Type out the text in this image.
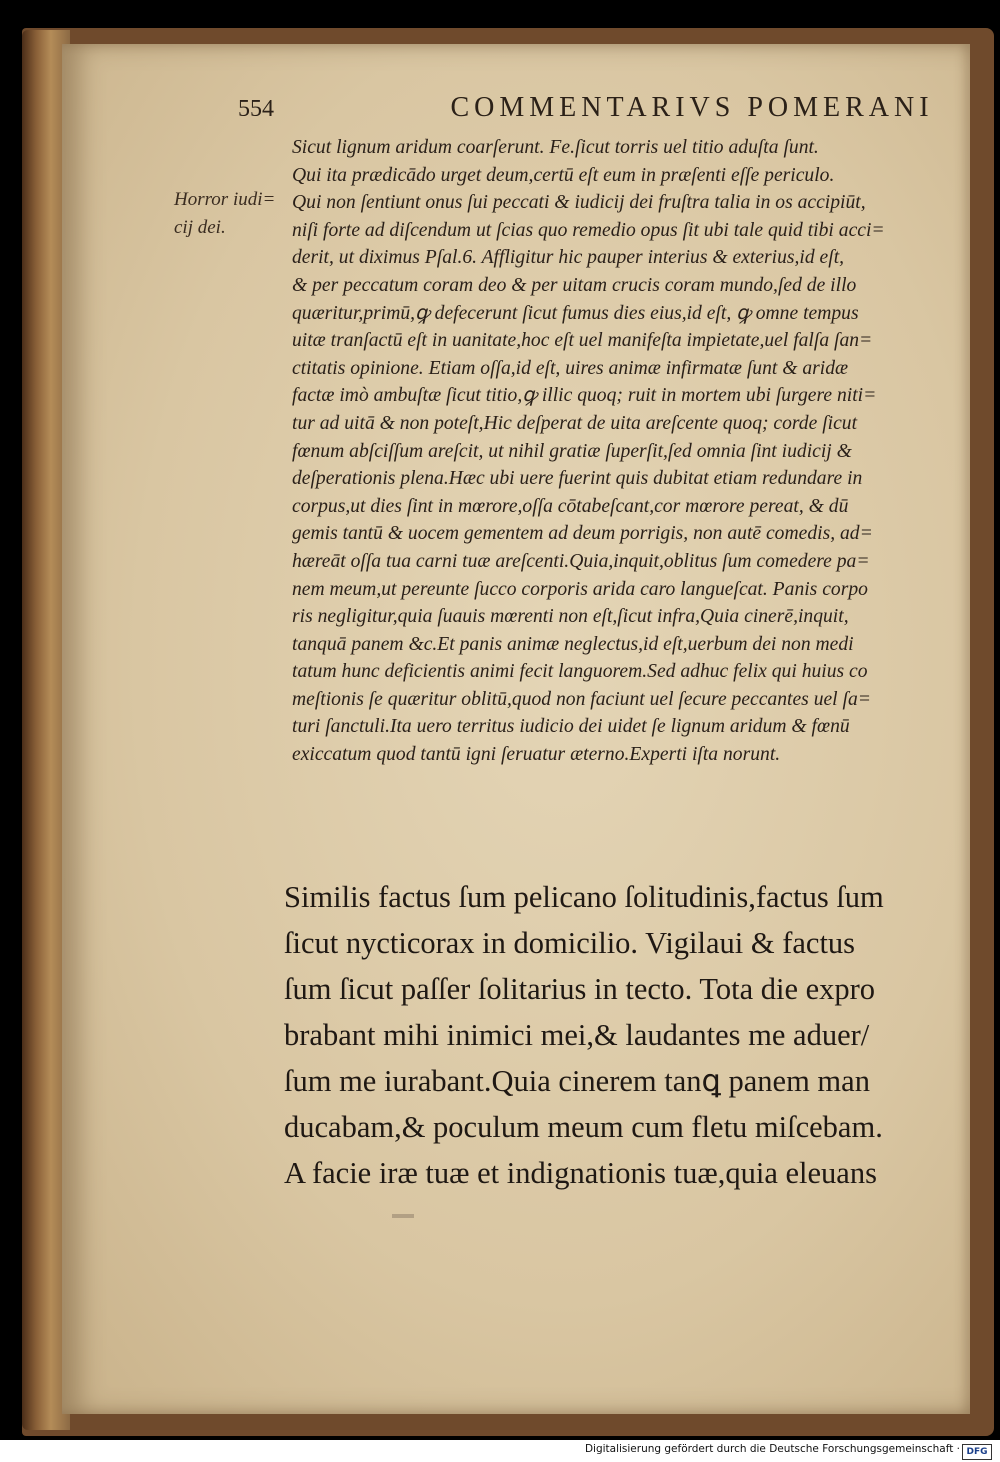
554	COMMENTARIVS POMERANI
Horror iudi=
cij dei.
Sicut lignum aridum coarſerunt. Fe.ſicut torris uel titio aduſta ſunt.
Qui ita prædicādo urget deum,certū eſt eum in præſenti eſſe periculo.
Qui non ſentiunt onus ſui peccati & iudicij dei fruſtra talia in os accipiūt,
niſi forte ad diſcendum ut ſcias quo remedio opus ſit ubi tale quid tibi acci=
derit, ut diximus Pſal.6. Affligitur hic pauper interius & exterius,id eſt,
& per peccatum coram deo & per uitam crucis coram mundo,ſed de illo
quæritur,primū,ꝙ defecerunt ſicut fumus dies eius,id eſt, ꝙ omne tempus
uitæ tranſactū eſt in uanitate,hoc eſt uel manifeſta impietate,uel falſa ſan=
ctitatis opinione. Etiam oſſa,id eſt, uires animæ infirmatæ ſunt & aridæ
factæ imò ambuſtæ ſicut titio,ꝙ illic quoq; ruit in mortem ubi ſurgere niti=
tur ad uitā & non poteſt,Hic deſperat de uita areſcente quoq; corde ſicut
fœnum abſciſſum areſcit, ut nihil gratiæ ſuperſit,ſed omnia ſint iudicij &
deſperationis plena.Hæc ubi uere fuerint quis dubitat etiam redundare in
corpus,ut dies ſint in mœrore,oſſa cōtabeſcant,cor mœrore pereat, & dū
gemis tantū & uocem gementem ad deum porrigis, non autē comedis, ad=
hæreāt oſſa tua carni tuæ areſcenti.Quia,inquit,oblitus ſum comedere pa=
nem meum,ut pereunte ſucco corporis arida caro langueſcat. Panis corpo
ris negligitur,quia ſuauis mœrenti non eſt,ſicut infra,Quia cinerē,inquit,
tanquā panem &c.Et panis animæ neglectus,id eſt,uerbum dei non medi
tatum hunc deficientis animi fecit languorem.Sed adhuc felix qui huius co
meſtionis ſe quæritur oblitū,quod non faciunt uel ſecure peccantes uel ſa=
turi ſanctuli.Ita uero territus iudicio dei uidet ſe lignum aridum & fœnū
exiccatum quod tantū igni ſeruatur æterno.Experti iſta norunt.
Similis factus ſum pelicano ſolitudinis,factus ſum
ſicut nycticorax in domicilio. Vigilaui & factus
ſum ſicut paſſer ſolitarius in tecto. Tota die expro
brabant mihi inimici mei,& laudantes me aduer/
ſum me iurabant.Quia cinerem tanꝗ panem man
ducabam,& poculum meum cum fletu miſcebam.
A facie iræ tuæ et indignationis tuæ,quia eleuans
Digitalisierung gefördert durch die Deutsche Forschungsgemeinschaft · DFG
